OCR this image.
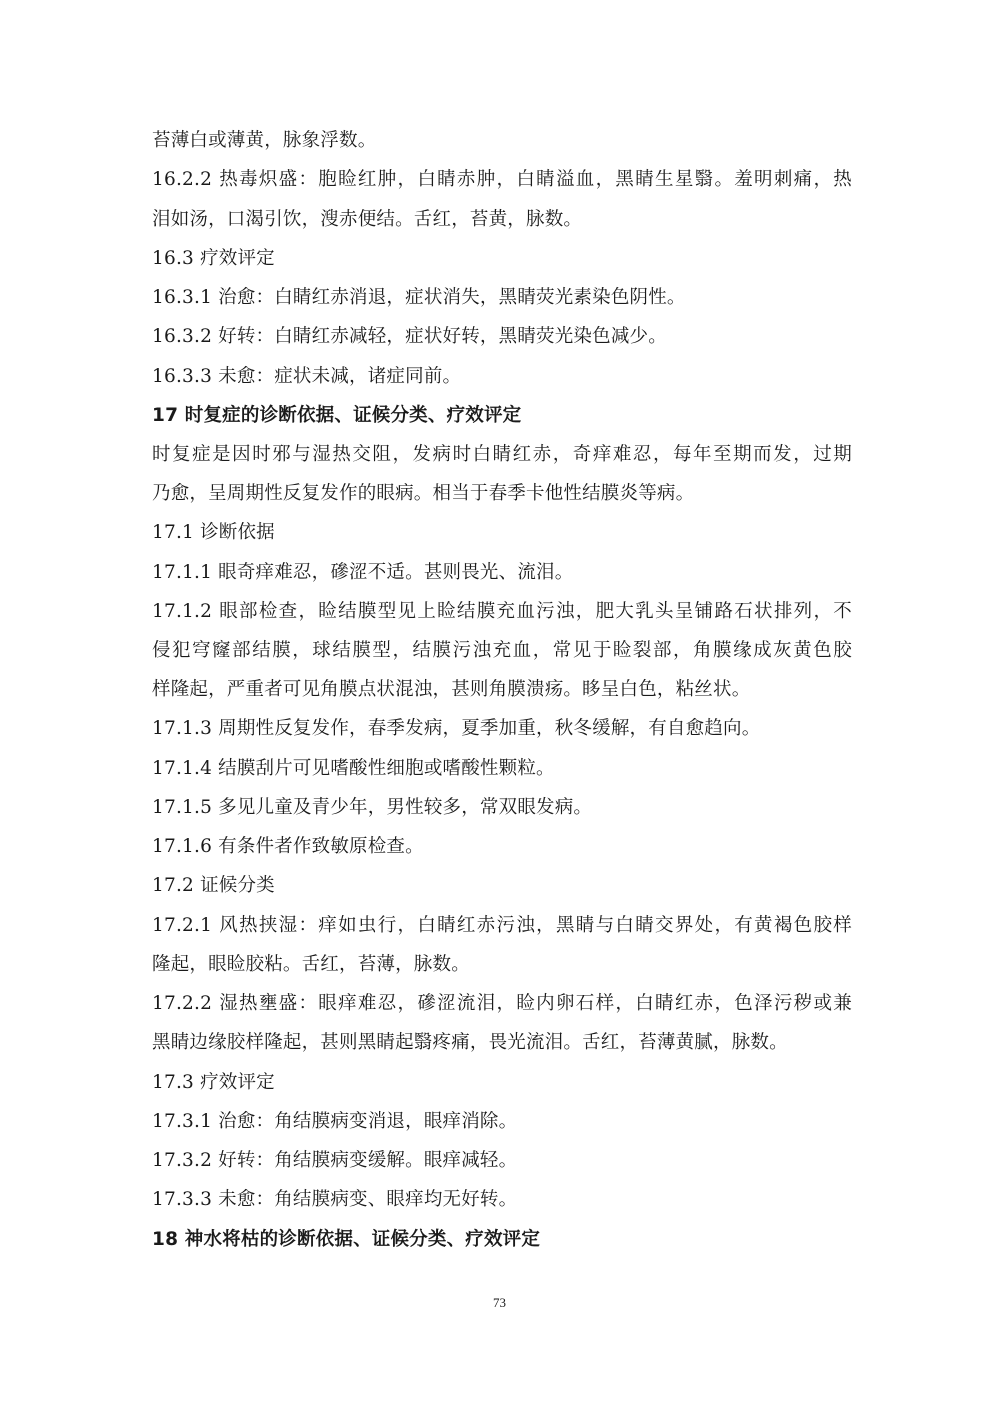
苔薄白或薄黄，脉象浮数。
16.2.2 热毒炽盛：胞睑红肿，白睛赤肿，白睛溢血，黑睛生星翳。羞明刺痛，热
泪如汤，口渴引饮，溲赤便结。舌红，苔黄，脉数。
16.3 疗效评定
16.3.1 治愈：白睛红赤消退，症状消失，黑睛荧光素染色阴性。
16.3.2 好转：白睛红赤减轻，症状好转，黑睛荧光染色减少。
16.3.3 未愈：症状未减，诸症同前。
17 时复症的诊断依据、证候分类、疗效评定
时复症是因时邪与湿热交阻，发病时白睛红赤，奇痒难忍，每年至期而发，过期
乃愈，呈周期性反复发作的眼病。相当于春季卡他性结膜炎等病。
17.1 诊断依据
17.1.1 眼奇痒难忍，磣涩不适。甚则畏光、流泪。
17.1.2 眼部检查，睑结膜型见上睑结膜充血污浊，肥大乳头呈铺路石状排列，不
侵犯穹窿部结膜，球结膜型，结膜污浊充血，常见于睑裂部，角膜缘成灰黄色胶
样隆起，严重者可见角膜点状混浊，甚则角膜溃疡。眵呈白色，粘丝状。
17.1.3 周期性反复发作，春季发病，夏季加重，秋冬缓解，有自愈趋向。
17.1.4 结膜刮片可见嗜酸性细胞或嗜酸性颗粒。
17.1.5 多见儿童及青少年，男性较多，常双眼发病。
17.1.6 有条件者作致敏原检查。
17.2 证候分类
17.2.1 风热挟湿：痒如虫行，白睛红赤污浊，黑睛与白睛交界处，有黄褐色胶样
隆起，眼睑胶粘。舌红，苔薄，脉数。
17.2.2 湿热壅盛：眼痒难忍，磣涩流泪，睑内卵石样，白睛红赤，色泽污秽或兼
黑睛边缘胶样隆起，甚则黑睛起翳疼痛，畏光流泪。舌红，苔薄黄腻，脉数。
17.3 疗效评定
17.3.1 治愈：角结膜病变消退，眼痒消除。
17.3.2 好转：角结膜病变缓解。眼痒减轻。
17.3.3 未愈：角结膜病变、眼痒均无好转。
18 神水将枯的诊断依据、证候分类、疗效评定
73
